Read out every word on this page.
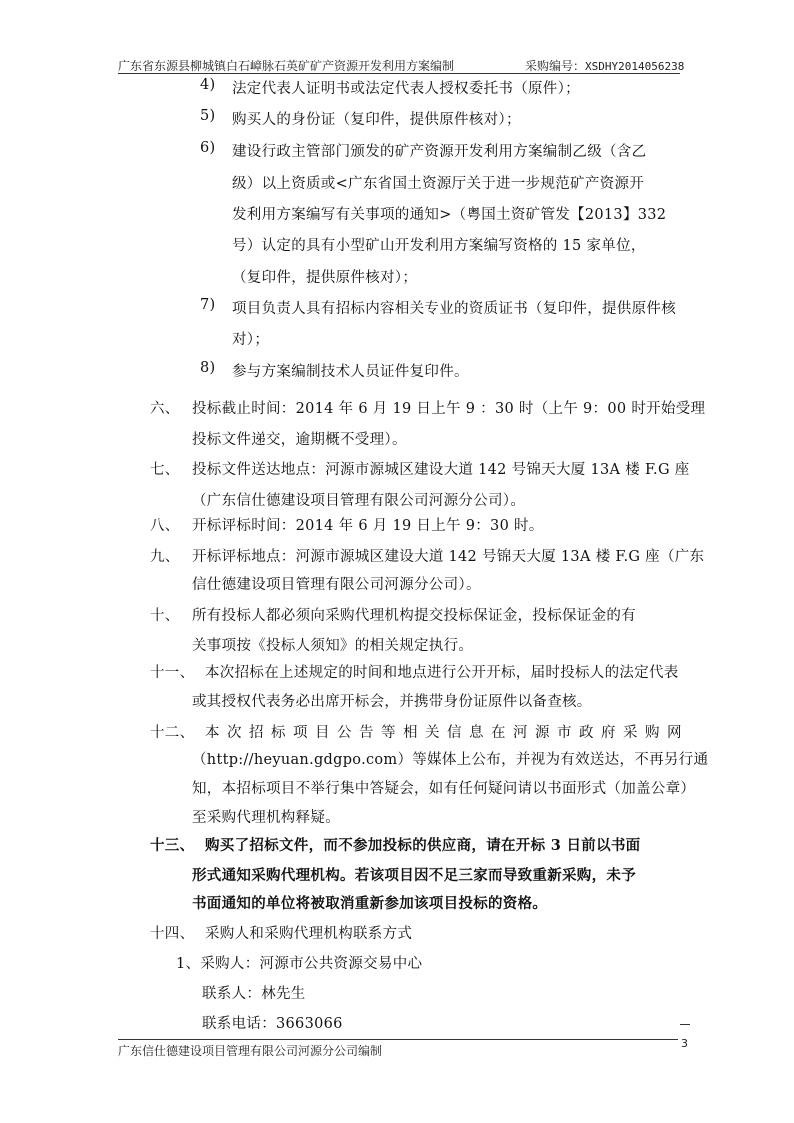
广东省东源县柳城镇白石嶂脉石英矿矿产资源开发利用方案编制	采购编号：XSDHY2014056238
4) 法定代表人证明书或法定代表人授权委托书（原件）；
5) 购买人的身份证（复印件，提供原件核对）；
6) 建设行政主管部门颁发的矿产资源开发利用方案编制乙级（含乙
级）以上资质或<广东省国土资源厅关于进一步规范矿产资源开
发利用方案编写有关事项的通知>（粤国土资矿管发【2013】332
号）认定的具有小型矿山开发利用方案编写资格的 15 家单位，
（复印件，提供原件核对）；
7) 项目负责人具有招标内容相关专业的资质证书（复印件，提供原件核
对）；
8) 参与方案编制技术人员证件复印件。
六、 投标截止时间：2014 年 6 月 19 日上午 9 ：30 时（上午 9：00 时开始受理
投标文件递交，逾期概不受理）。
七、 投标文件送达地点：河源市源城区建设大道 142 号锦天大厦 13A 楼 F.G 座
（广东信仕德建设项目管理有限公司河源分公司）。
八、 开标评标时间：2014 年 6 月 19 日上午 9：30 时。
九、 开标评标地点：河源市源城区建设大道 142 号锦天大厦 13A 楼 F.G 座（广东
信仕德建设项目管理有限公司河源分公司）。
十、 所有投标人都必须向采购代理机构提交投标保证金，投标保证金的有
关事项按《投标人须知》的相关规定执行。
十一、 本次招标在上述规定的时间和地点进行公开开标，届时投标人的法定代表
或其授权代表务必出席开标会，并携带身份证原件以备查核。
十二、 本次招标项目公告等相关信息在河源市政府采购网
（http://heyuan.gdgpo.com）等媒体上公布，并视为有效送达，不再另行通
知，本招标项目不举行集中答疑会，如有任何疑问请以书面形式（加盖公章）
至采购代理机构释疑。
十三、 购买了招标文件，而不参加投标的供应商，请在开标 3 日前以书面
形式通知采购代理机构。若该项目因不足三家而导致重新采购，未予
书面通知的单位将被取消重新参加该项目投标的资格。
十四、 采购人和采购代理机构联系方式
1、采购人：河源市公共资源交易中心
联系人：林先生
联系电话：3663066
3
广东信仕德建设项目管理有限公司河源分公司编制
